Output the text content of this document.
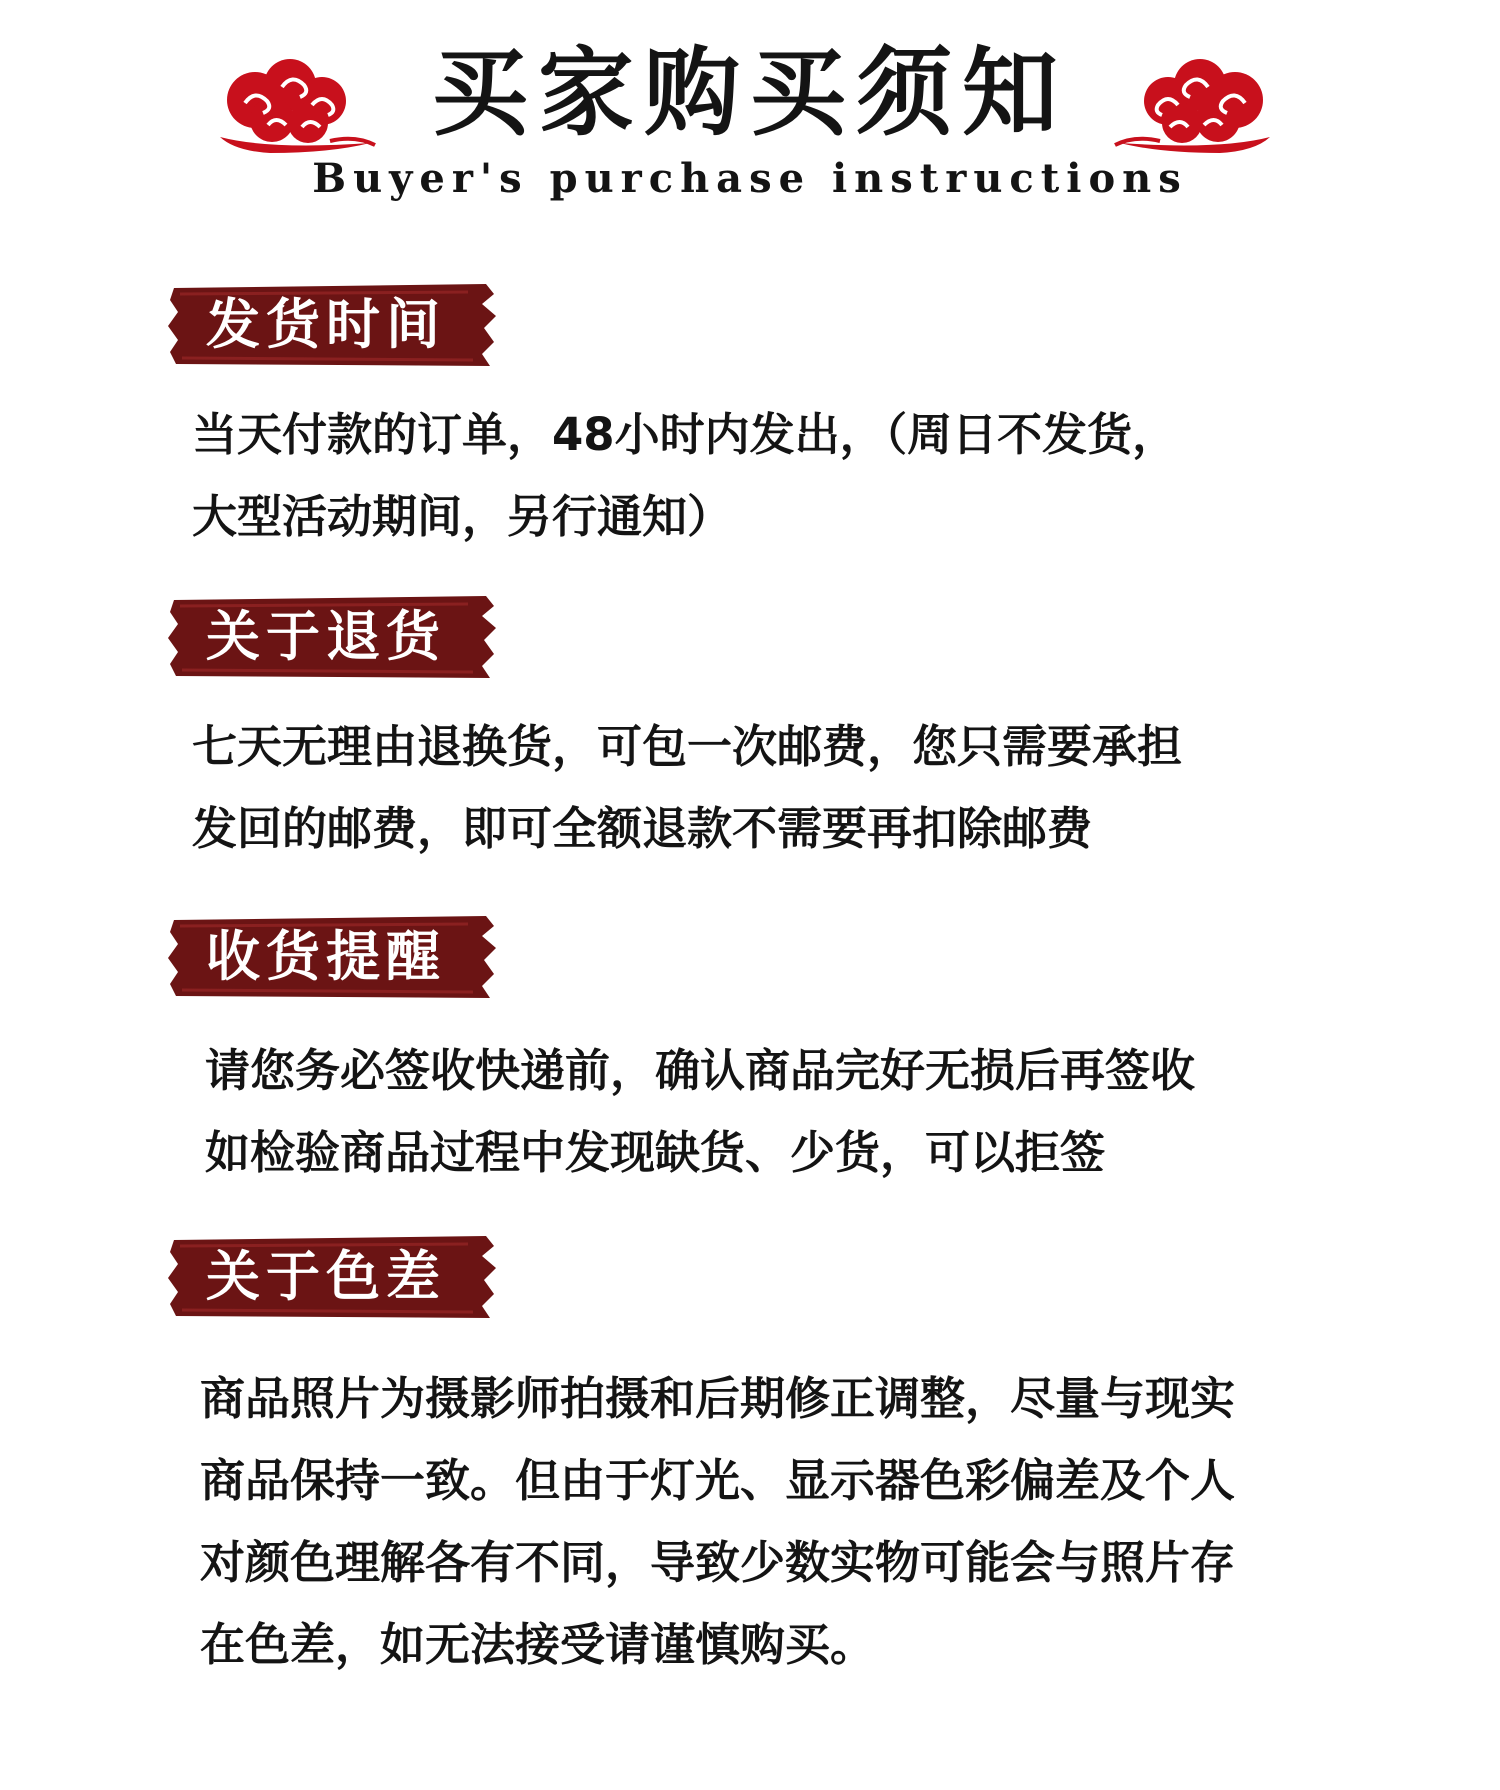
买家购买须知
Buyer's purchase instructions
发货时间
当天付款的订单，48小时内发出，（周日不发货，
大型活动期间，另行通知）
关于退货
七天无理由退换货，可包一次邮费，您只需要承担
发回的邮费，即可全额退款不需要再扣除邮费
收货提醒
请您务必签收快递前，确认商品完好无损后再签收
如检验商品过程中发现缺货、少货，可以拒签
关于色差
商品照片为摄影师拍摄和后期修正调整，尽量与现实
商品保持一致。但由于灯光、显示器色彩偏差及个人
对颜色理解各有不同，导致少数实物可能会与照片存
在色差，如无法接受请谨慎购买。
